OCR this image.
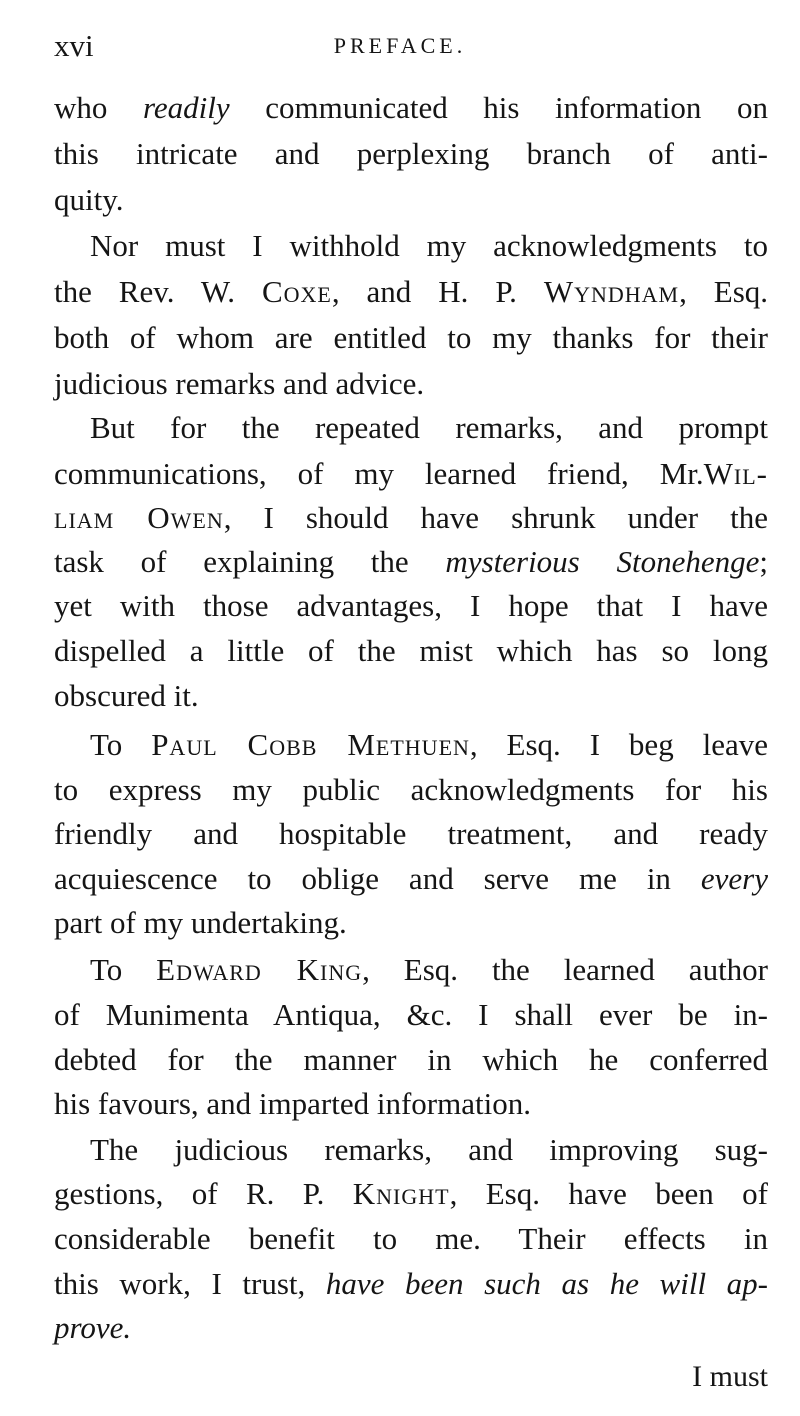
xvi	PREFACE.
who readily communicated his information on
this intricate and perplexing branch of anti-
quity.
Nor must I withhold my acknowledgments to
the Rev. W. Coxe, and H. P. Wyndham, Esq.
both of whom are entitled to my thanks for their
judicious remarks and advice.
But for the repeated remarks, and prompt
communications, of my learned friend, Mr.Wil-
liam Owen, I should have shrunk under the
task of explaining the mysterious Stonehenge;
yet with those advantages, I hope that I have
dispelled a little of the mist which has so long
obscured it.
To Paul Cobb Methuen, Esq. I beg leave
to express my public acknowledgments for his
friendly and hospitable treatment, and ready
acquiescence to oblige and serve me in every
part of my undertaking.
To Edward King, Esq. the learned author
of Munimenta Antiqua, &c. I shall ever be in-
debted for the manner in which he conferred
his favours, and imparted information.
The judicious remarks, and improving sug-
gestions, of R. P. Knight, Esq. have been of
considerable benefit to me. Their effects in
this work, I trust, have been such as he will ap-
prove.
I must
